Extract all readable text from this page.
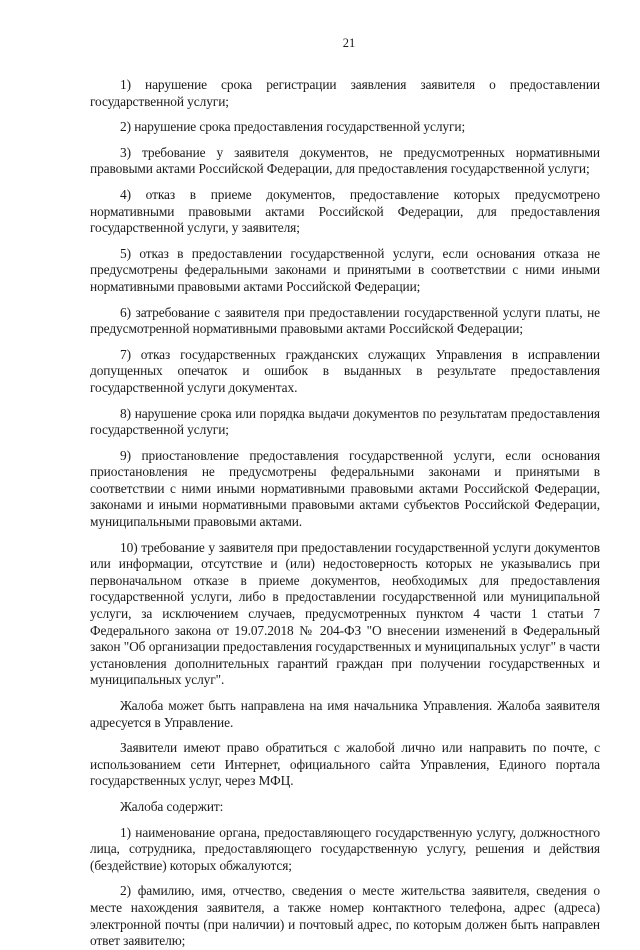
21

1) нарушение срока регистрации заявления заявителя о предоставлении государственной услуги;

2) нарушение срока предоставления государственной услуги;

3) требование у заявителя документов, не предусмотренных нормативными правовыми актами Российской Федерации, для предоставления государственной услуги;

4) отказ в приеме документов, предоставление которых предусмотрено нормативными правовыми актами Российской Федерации, для предоставления государственной услуги, у заявителя;

5) отказ в предоставлении государственной услуги, если основания отказа не предусмотрены федеральными законами и принятыми в соответствии с ними иными нормативными правовыми актами Российской Федерации;

6) затребование с заявителя при предоставлении государственной услуги платы, не предусмотренной нормативными правовыми актами Российской Федерации;

7) отказ государственных гражданских служащих Управления в исправлении допущенных опечаток и ошибок в выданных в результате предоставления государственной услуги документах.

8) нарушение срока или порядка выдачи документов по результатам предоставления государственной услуги;

9) приостановление предоставления государственной услуги, если основания приостановления не предусмотрены федеральными законами и принятыми в соответствии с ними иными нормативными правовыми актами Российской Федерации, законами и иными нормативными правовыми актами субъектов Российской Федерации, муниципальными правовыми актами.

10) требование у заявителя при предоставлении государственной услуги документов или информации, отсутствие и (или) недостоверность которых не указывались при первоначальном отказе в приеме документов, необходимых для предоставления государственной услуги, либо в предоставлении государственной или муниципальной услуги, за исключением случаев, предусмотренных пунктом 4 части 1 статьи 7 Федерального закона от 19.07.2018 № 204-ФЗ "О внесении изменений в Федеральный закон "Об организации предоставления государственных и муниципальных услуг" в части установления дополнительных гарантий граждан при получении государственных и муниципальных услуг".

Жалоба может быть направлена на имя начальника Управления. Жалоба заявителя адресуется в Управление.

Заявители имеют право обратиться с жалобой лично или направить по почте, с использованием сети Интернет, официального сайта Управления, Единого портала государственных услуг, через МФЦ.

Жалоба содержит:

1) наименование органа, предоставляющего государственную услугу, должностного лица, сотрудника, предоставляющего государственную услугу, решения и действия (бездействие) которых обжалуются;

2) фамилию, имя, отчество, сведения о месте жительства заявителя, сведения о месте нахождения заявителя, а также номер контактного телефона, адрес (адреса) электронной почты (при наличии) и почтовый адрес, по которым должен быть направлен ответ заявителю;
